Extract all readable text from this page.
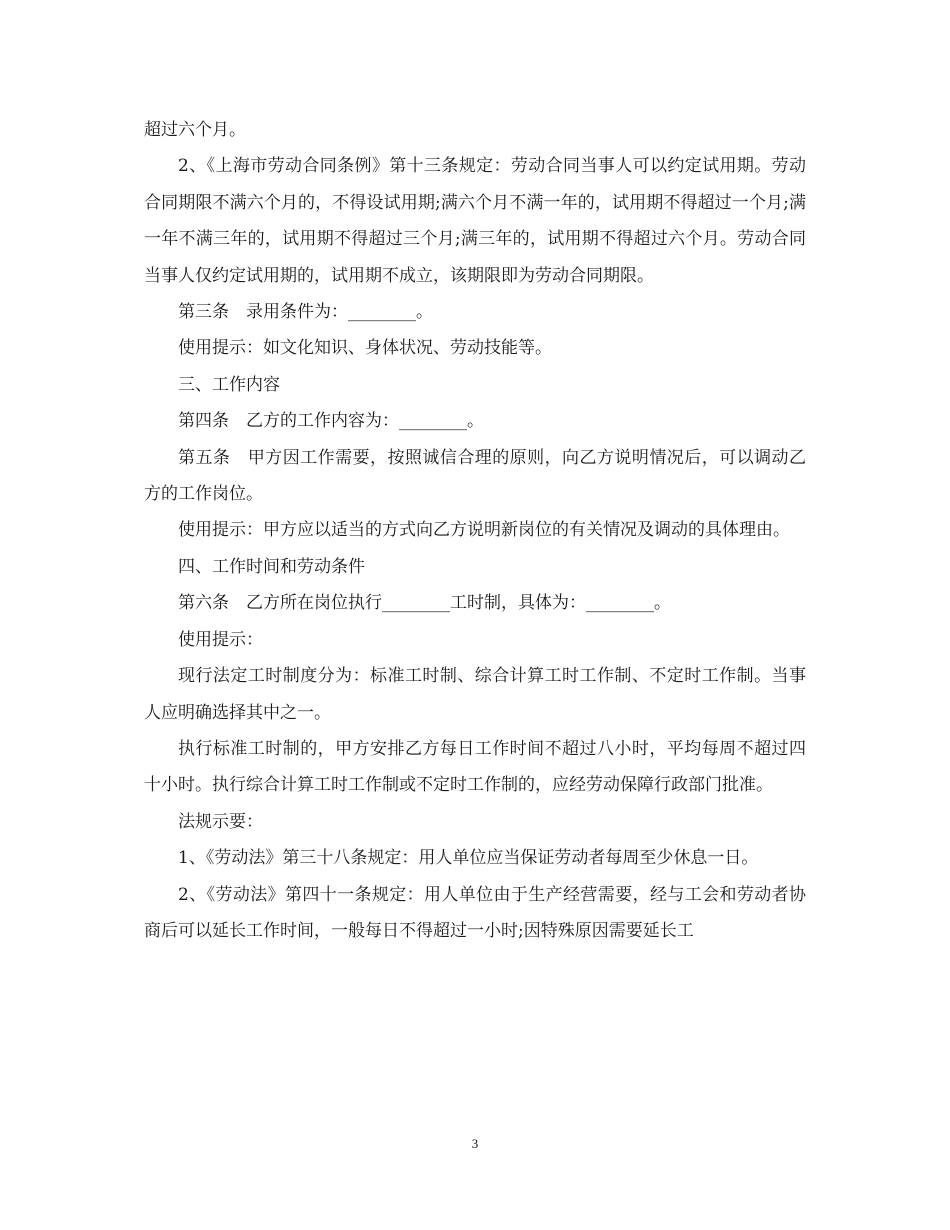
超过六个月。

2、《上海市劳动合同条例》第十三条规定：劳动合同当事人可以约定试用期。劳动合同期限不满六个月的，不得设试用期;满六个月不满一年的，试用期不得超过一个月;满一年不满三年的，试用期不得超过三个月;满三年的，试用期不得超过六个月。劳动合同当事人仅约定试用期的，试用期不成立，该期限即为劳动合同期限。

第三条　录用条件为：________。

使用提示：如文化知识、身体状况、劳动技能等。

三、工作内容

第四条　乙方的工作内容为：________。

第五条　甲方因工作需要，按照诚信合理的原则，向乙方说明情况后，可以调动乙方的工作岗位。

使用提示：甲方应以适当的方式向乙方说明新岗位的有关情况及调动的具体理由。

四、工作时间和劳动条件

第六条　乙方所在岗位执行________工时制，具体为：________。

使用提示：

现行法定工时制度分为：标准工时制、综合计算工时工作制、不定时工作制。当事人应明确选择其中之一。

执行标准工时制的，甲方安排乙方每日工作时间不超过八小时，平均每周不超过四十小时。执行综合计算工时工作制或不定时工作制的，应经劳动保障行政部门批准。

法规示要：

1、《劳动法》第三十八条规定：用人单位应当保证劳动者每周至少休息一日。

2、《劳动法》第四十一条规定：用人单位由于生产经营需要，经与工会和劳动者协商后可以延长工作时间，一般每日不得超过一小时;因特殊原因需要延长工

3
